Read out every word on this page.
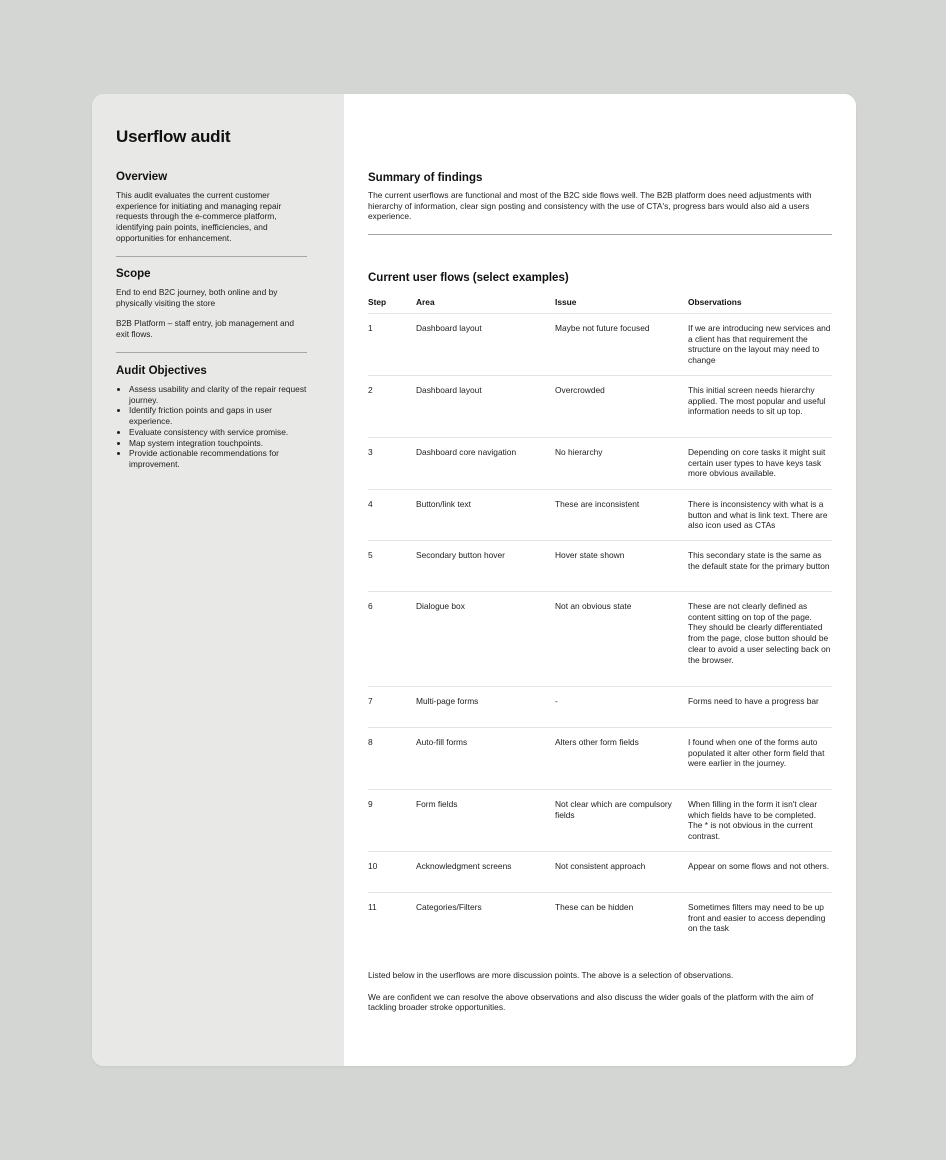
Userflow audit
Overview

This audit evaluates the current customer experience for initiating and managing repair requests through the e-commerce platform, identifying pain points, inefficiencies, and opportunities for enhancement.

Scope

End to end B2C journey, both online and by physically visiting the store

B2B Platform – staff entry, job management and exit flows.

Audit Objectives
• Assess usability and clarity of the repair request journey.
• Identify friction points and gaps in user experience.
• Evaluate consistency with service promise.
• Map system integration touchpoints.
• Provide actionable recommendations for improvement.
Summary of findings

The current userflows are functional and most of the B2C side flows well. The B2B platform does need adjustments with hierarchy of information, clear sign posting and consistency with the use of CTA's, progress bars would also aid a users experience.

Current user flows (select examples)
Step	Area	Issue	Observations
1	Dashboard layout	Maybe not future focused	If we are introducing new services and a client has that requirement the structure on the layout may need to change
2	Dashboard layout	Overcrowded	This initial screen needs hierarchy applied. The most popular and useful information needs to sit up top.
3	Dashboard core navigation	No hierarchy	Depending on core tasks it might suit certain user types to have keys task more obvious available.
4	Button/link text	These are inconsistent	There is inconsistency with what is a button and what is link text. There are also icon used as CTAs
5	Secondary button hover	Hover state shown	This secondary state is the same as the default state for the primary button
6	Dialogue box	Not an obvious state	These are not clearly defined as content sitting on top of the page. They should be clearly differentiated from the page, close button should be clear to avoid a user selecting back on the browser.
7	Multi-page forms	-	Forms need to have a progress bar
8	Auto-fill forms	Alters other form fields	I found when one of the forms auto populated it alter other form field that were earlier in the journey.
9	Form fields	Not clear which are compulsory fields	When filling in the form it isn't clear which fields have to be completed. The * is not obvious in the current contrast.
10	Acknowledgment screens	Not consistent approach	Appear on some flows and not others.
11	Categories/Filters	These can be hidden	Sometimes filters may need to be up front and easier to access depending on the task

Listed below in the userflows are more discussion points. The above is a selection of observations.

We are confident we can resolve the above observations and also discuss the wider goals of the platform with the aim of tackling broader stroke opportunities.
